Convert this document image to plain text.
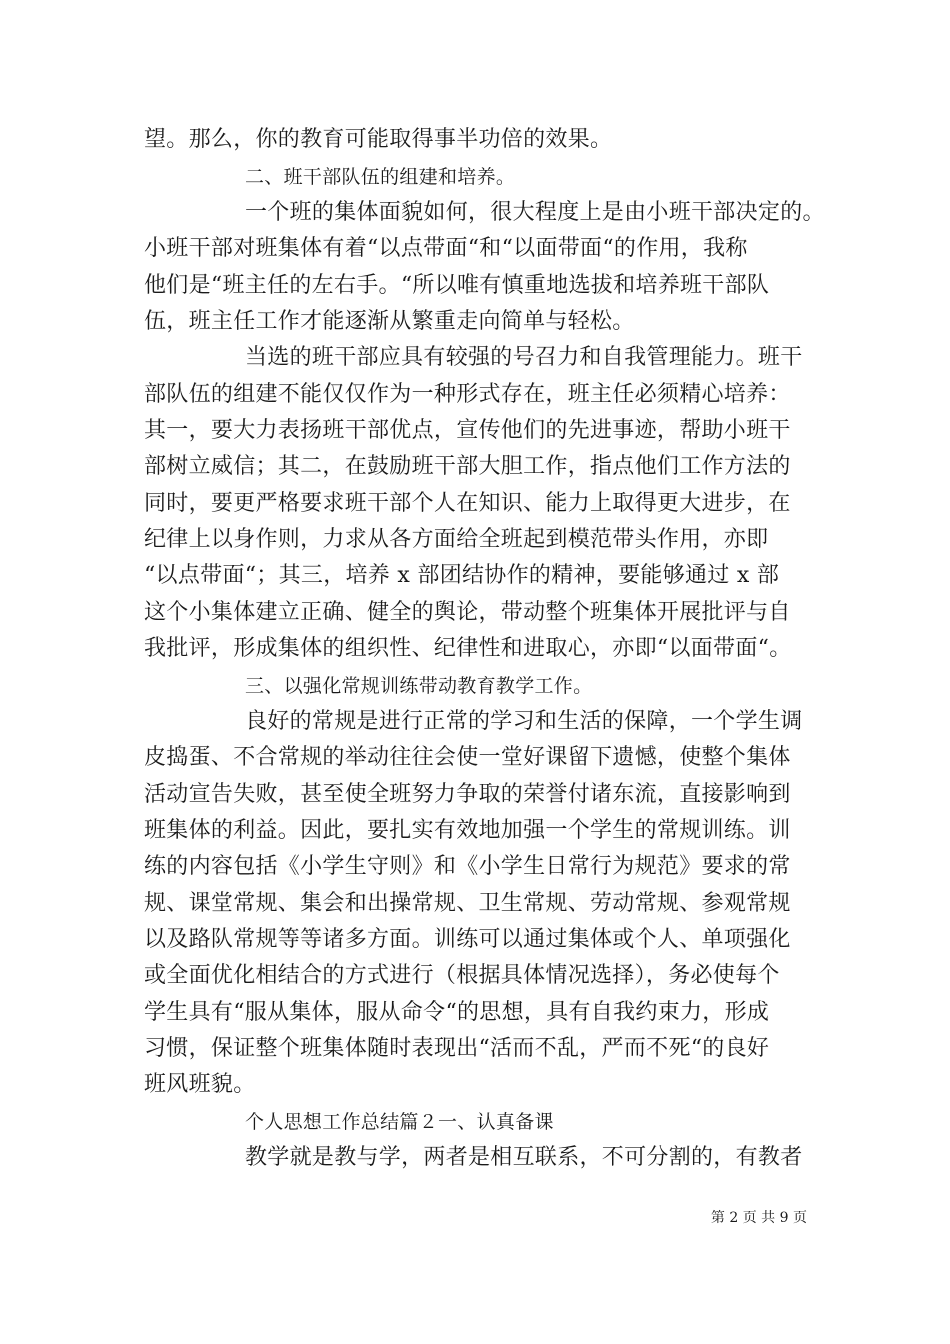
望。那么，你的教育可能取得事半功倍的效果。
二、班干部队伍的组建和培养。
一个班的集体面貌如何，很大程度上是由小班干部决定的。
小班干部对班集体有着“以点带面“和“以面带面“的作用，我称
他们是“班主任的左右手。“所以唯有慎重地选拔和培养班干部队
伍，班主任工作才能逐渐从繁重走向简单与轻松。
当选的班干部应具有较强的号召力和自我管理能力。班干
部队伍的组建不能仅仅作为一种形式存在，班主任必须精心培养：
其一，要大力表扬班干部优点，宣传他们的先进事迹，帮助小班干
部树立威信；其二，在鼓励班干部大胆工作，指点他们工作方法的
同时，要更严格要求班干部个人在知识、能力上取得更大进步，在
纪律上以身作则，力求从各方面给全班起到模范带头作用，亦即
“以点带面“；其三，培养 x 部团结协作的精神，要能够通过 x 部
这个小集体建立正确、健全的舆论，带动整个班集体开展批评与自
我批评，形成集体的组织性、纪律性和进取心，亦即“以面带面“。
三、以强化常规训练带动教育教学工作。
良好的常规是进行正常的学习和生活的保障，一个学生调
皮捣蛋、不合常规的举动往往会使一堂好课留下遗憾，使整个集体
活动宣告失败，甚至使全班努力争取的荣誉付诸东流，直接影响到
班集体的利益。因此，要扎实有效地加强一个学生的常规训练。训
练的内容包括《小学生守则》和《小学生日常行为规范》要求的常
规、课堂常规、集会和出操常规、卫生常规、劳动常规、参观常规
以及路队常规等等诸多方面。训练可以通过集体或个人、单项强化
或全面优化相结合的方式进行（根据具体情况选择），务必使每个
学生具有“服从集体，服从命令“的思想，具有自我约束力，形成
习惯，保证整个班集体随时表现出“活而不乱，严而不死“的良好
班风班貌。
个人思想工作总结篇２一、认真备课
教学就是教与学，两者是相互联系，不可分割的，有教者
第 2 页 共 9 页
